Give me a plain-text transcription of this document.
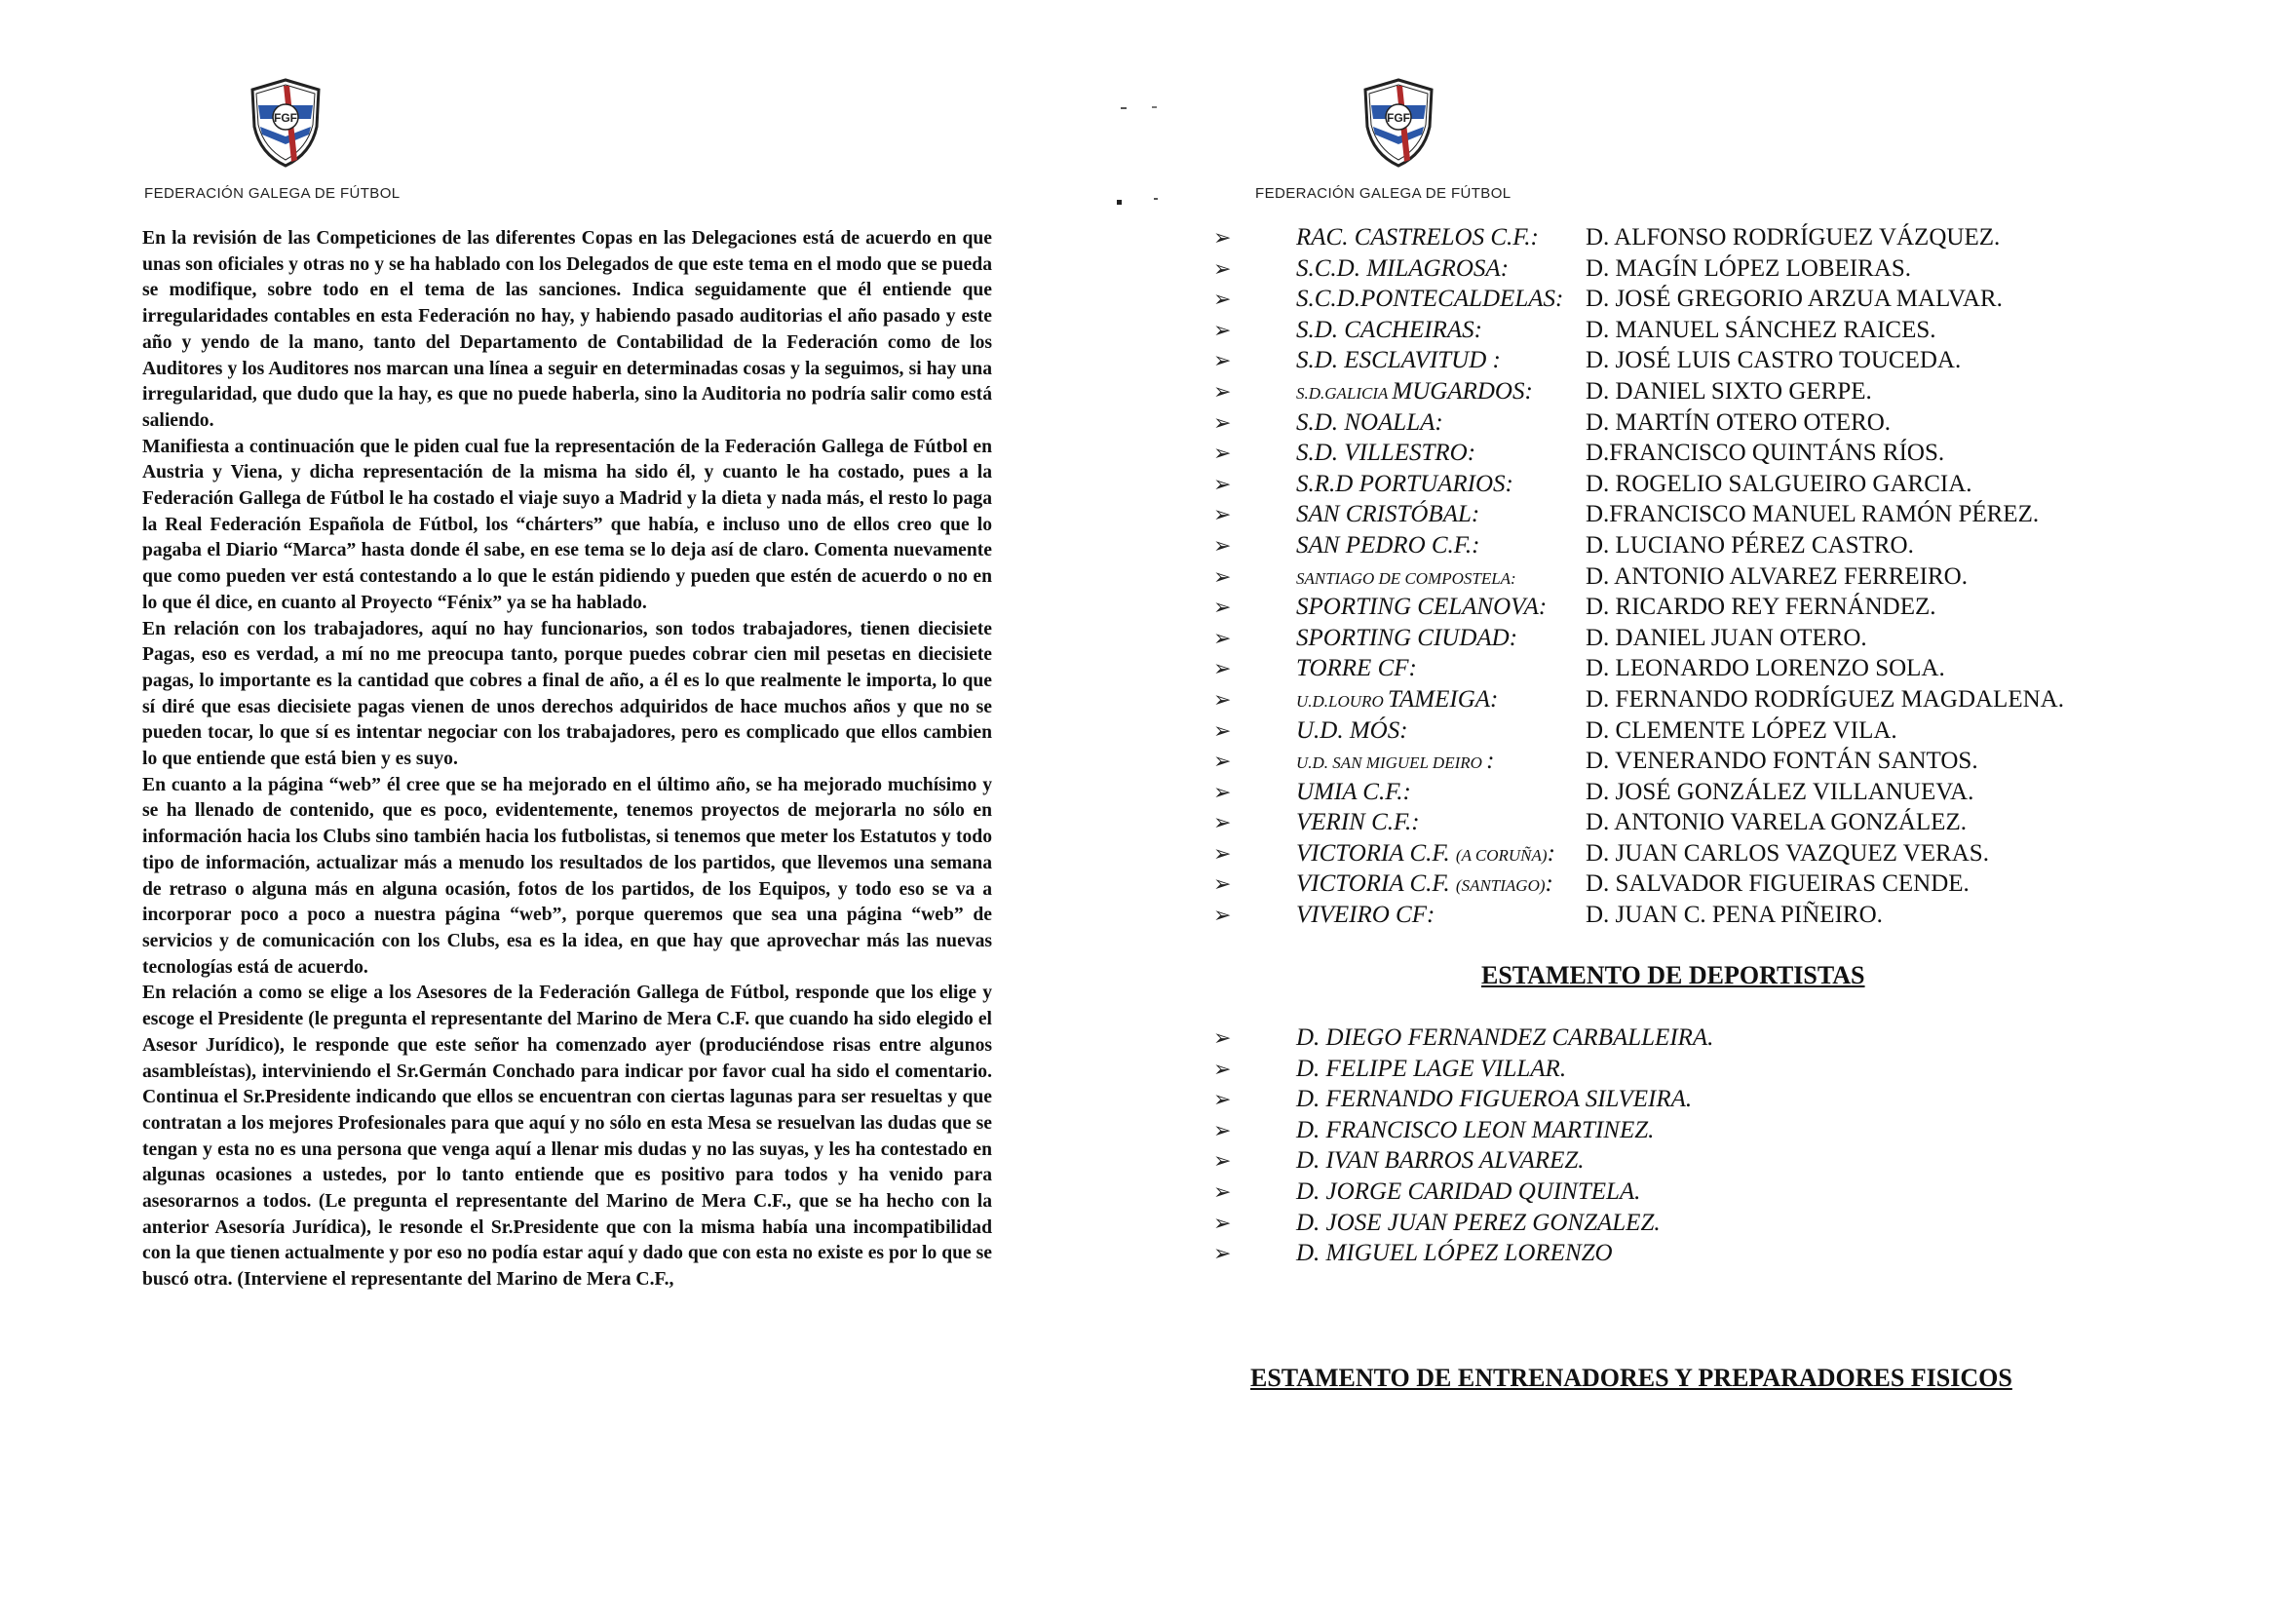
FGF
FEDERACIÓN GALEGA DE FÚTBOL

En la revisión de las Competiciones de las diferentes Copas en las Delegaciones está de acuerdo en que unas son oficiales y otras no y se ha hablado con los Delegados de que este tema en el modo que se pueda se modifique, sobre todo en el tema de las sanciones. Indica seguidamente que él entiende que irregularidades contables en esta Federación no hay, y habiendo pasado auditorias el año pasado y este año y yendo de la mano, tanto del Departamento de Contabilidad de la Federación como de los Auditores y los Auditores nos marcan una línea a seguir en determinadas cosas y la seguimos, si hay una irregularidad, que dudo que la hay, es que no puede haberla, sino la Auditoria no podría salir como está saliendo.

Manifiesta a continuación que le piden cual fue la representación de la Federación Gallega de Fútbol en Austria y Viena, y dicha representación de la misma ha sido él, y cuanto le ha costado, pues a la Federación Gallega de Fútbol le ha costado el viaje suyo a Madrid y la dieta y nada más, el resto lo paga la Real Federación Española de Fútbol, los “chárters” que había, e incluso uno de ellos creo que lo pagaba el Diario “Marca” hasta donde él sabe, en ese tema se lo deja así de claro. Comenta nuevamente que como pueden ver está contestando a lo que le están pidiendo y pueden que estén de acuerdo o no en lo que él dice, en cuanto al Proyecto “Fénix” ya se ha hablado.

En relación con los trabajadores, aquí no hay funcionarios, son todos trabajadores, tienen diecisiete Pagas, eso es verdad, a mí no me preocupa tanto, porque puedes cobrar cien mil pesetas en diecisiete pagas, lo importante es la cantidad que cobres a final de año, a él es lo que realmente le importa, lo que sí diré que esas diecisiete pagas vienen de unos derechos adquiridos de hace muchos años y que no se pueden tocar, lo que sí es intentar negociar con los trabajadores, pero es complicado que ellos cambien lo que entiende que está bien y es suyo.

En cuanto a la página “web” él cree que se ha mejorado en el último año, se ha mejorado muchísimo y se ha llenado de contenido, que es poco, evidentemente, tenemos proyectos de mejorarla no sólo en información hacia los Clubs sino también hacia los futbolistas, si tenemos que meter los Estatutos y todo tipo de información, actualizar más a menudo los resultados de los partidos, que llevemos una semana de retraso o alguna más en alguna ocasión, fotos de los partidos, de los Equipos, y todo eso se va a incorporar poco a poco a nuestra página “web”, porque queremos que sea una página “web” de servicios y de comunicación con los Clubs, esa es la idea, en que hay que aprovechar más las nuevas tecnologías está de acuerdo.

En relación a como se elige a los Asesores de la Federación Gallega de Fútbol, responde que los elige y escoge el Presidente (le pregunta el representante del Marino de Mera C.F. que cuando ha sido elegido el Asesor Jurídico), le responde que este señor ha comenzado ayer (produciéndose risas entre algunos asambleístas), interviniendo el Sr.Germán Conchado para indicar por favor cual ha sido el comentario. Continua el Sr.Presidente indicando que ellos se encuentran con ciertas lagunas para ser resueltas y que contratan a los mejores Profesionales para que aquí y no sólo en esta Mesa se resuelvan las dudas que se tengan y esta no es una persona que venga aquí a llenar mis dudas y no las suyas, y les ha contestado en algunas ocasiones a ustedes, por lo tanto entiende que es positivo para todos y ha venido para asesorarnos a todos. (Le pregunta el representante del Marino de Mera C.F., que se ha hecho con la anterior Asesoría Jurídica), le resonde el Sr.Presidente que con la misma había una incompatibilidad con la que tienen actualmente y por eso no podía estar aquí y dado que con esta no existe es por lo que se buscó otra. (Interviene el representante del Marino de Mera C.F.,

FGF
FEDERACIÓN GALEGA DE FÚTBOL
➢	RAC. CASTRELOS C.F.: D. ALFONSO RODRÍGUEZ VÁZQUEZ.
➢	S.C.D. MILAGROSA:	D. MAGÍN LÓPEZ LOBEIRAS.
➢	S.C.D.PONTECALDELAS: D. JOSÉ GREGORIO ARZUA MALVAR.
➢	S.D. CACHEIRAS:	D. MANUEL SÁNCHEZ RAICES.
➢	S.D. ESCLAVITUD :	D. JOSÉ LUIS CASTRO TOUCEDA.
➢	S.D.GALICIA MUGARDOS: D. DANIEL SIXTO GERPE.
➢	S.D. NOALLA:	D. MARTÍN OTERO OTERO.
➢	S.D. VILLESTRO:	D.FRANCISCO QUINTÁNS RÍOS.
➢	S.R.D PORTUARIOS:	D. ROGELIO SALGUEIRO GARCIA.
➢	SAN CRISTÓBAL:	D.FRANCISCO MANUEL RAMÓN PÉREZ.
➢	SAN PEDRO C.F.:	D. LUCIANO PÉREZ CASTRO.
➢	SANTIAGO DE COMPOSTELA:	D. ANTONIO ALVAREZ FERREIRO.
➢	SPORTING CELANOVA: D. RICARDO REY FERNÁNDEZ.
➢	SPORTING CIUDAD:	D. DANIEL JUAN OTERO.
➢	TORRE CF:	D. LEONARDO LORENZO SOLA.
➢	U.D.LOURO TAMEIGA:	D. FERNANDO RODRÍGUEZ MAGDALENA.
➢	U.D. MÓS:	D. CLEMENTE LÓPEZ VILA.
➢	U.D. SAN MIGUEL DEIRO :	D. VENERANDO FONTÁN SANTOS.
➢	UMIA C.F.:	D. JOSÉ GONZÁLEZ VILLANUEVA.
➢	VERIN C.F.:	D. ANTONIO VARELA GONZÁLEZ.
➢	VICTORIA C.F. (A CORUÑA): D. JUAN CARLOS VAZQUEZ VERAS.
➢	VICTORIA C.F. (SANTIAGO): D. SALVADOR FIGUEIRAS CENDE.
➢	VIVEIRO CF:	D. JUAN C. PENA PIÑEIRO.
ESTAMENTO DE DEPORTISTAS
➢	D. DIEGO FERNANDEZ CARBALLEIRA.
➢	D. FELIPE LAGE VILLAR.
➢	D. FERNANDO FIGUEROA SILVEIRA.
➢	D. FRANCISCO LEON MARTINEZ.
➢	D. IVAN BARROS ALVAREZ.
➢	D. JORGE CARIDAD QUINTELA.
➢	D. JOSE JUAN PEREZ GONZALEZ.
➢	D. MIGUEL LÓPEZ LORENZO
ESTAMENTO DE ENTRENADORES Y PREPARADORES FISICOS
